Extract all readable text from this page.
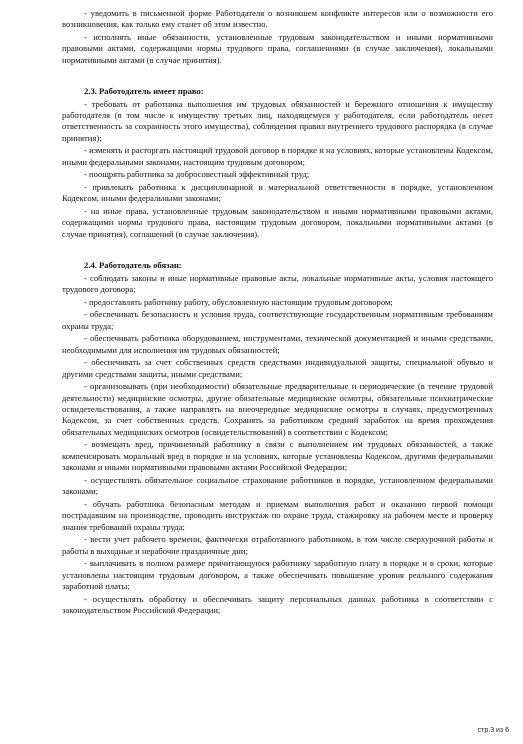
- уведомить в письменной форме Работодателя о возникшем конфликте интересов или о возможности его возникновения, как только ему станет об этом известно.
- исполнять иные обязанности, установленные трудовым законодательством и иными нормативными правовыми актами, содержащими нормы трудового права, соглашениями (в случае заключения), локальными нормативными актами (в случае принятия).
2.3. Работодатель имеет право:
- требовать от работника выполнения им трудовых обязанностей и бережного отношения к имуществу работодателя (в том числе к имуществу третьих лиц, находящемуся у работодателя, если работодатель несет ответственность за сохранность этого имущества), соблюдения правил внутреннего трудового распорядка (в случае принятия);
- изменять и расторгать настоящий трудовой договор в порядке и на условиях, которые установлены Кодексом, иными федеральными законами, настоящим трудовым договором;
- поощрять работника за добросовестный эффективный труд;
- привлекать работника к дисциплинарной и материальной ответственности в порядке, установленном Кодексом, иными федеральными законами;
- на иные права, установленные трудовым законодательством и иными нормативными правовыми актами, содержащими нормы трудового права, настоящим трудовым договором, локальными нормативными актами (в случае принятия), соглашений (в случае заключения).
2.4. Работодатель обязан:
- соблюдать законы и иные нормативные правовые акты, локальные нормативные акты, условия настоящего трудового договора;
- предоставлять работнику работу, обусловленную настоящим трудовым договором;
- обеспечивать безопасность и условия труда, соответствующие государственным нормативным требованиям охраны труда;
- обеспечивать работника оборудованием, инструментами, технической документацией и иными средствами, необходимыми для исполнения им трудовых обязанностей;
- обеспечивать за счет собственных средств средствами индивидуальной защиты, специальной обувью и другими средствами защиты, иными средствами;
- организовывать (при необходимости) обязательные предварительные и периодические (в течение трудовой деятельности) медицинские осмотры, другие обязательные медицинские осмотры, обязательные психиатрические освидетельствования, а также направлять на внеочередные медицинские осмотры в случаях, предусмотренных Кодексом, за счет собственных средств. Сохранять за работником средний заработок на время прохождения обязательных медицинских осмотров (освидетельствований) в соответствии с Кодексом;
- возмещать вред, причиненный работнику в связи с выполнением им трудовых обязанностей, а также компенсировать моральный вред в порядке и на условиях, которые установлены Кодексом, другими федеральными законами и иными нормативными правовыми актами Российской Федерации;
- осуществлять обязательное социальное страхование работников в порядке, установленном федеральными законами;
- обучать работника безопасным методам и приемам выполнения работ и оказанию первой помощи пострадавшим на производстве, проводить инструктаж по охране труда, стажировку на рабочем месте и проверку знания требований охраны труда;
- вести учет рабочего времени, фактически отработанного работником, в том числе сверхурочной работы и работы в выходные и нерабочие праздничные дни;
- выплачивать в полном размере причитающуюся работнику заработную плату в порядке и в сроки, которые установлены настоящим трудовым договором, а также обеспечивать повышение уровня реального содержания заработной платы;
- осуществлять обработку и обеспечивать защиту персональных данных работника в соответствии с законодательством Российской Федерации;
стр.3 из 6
